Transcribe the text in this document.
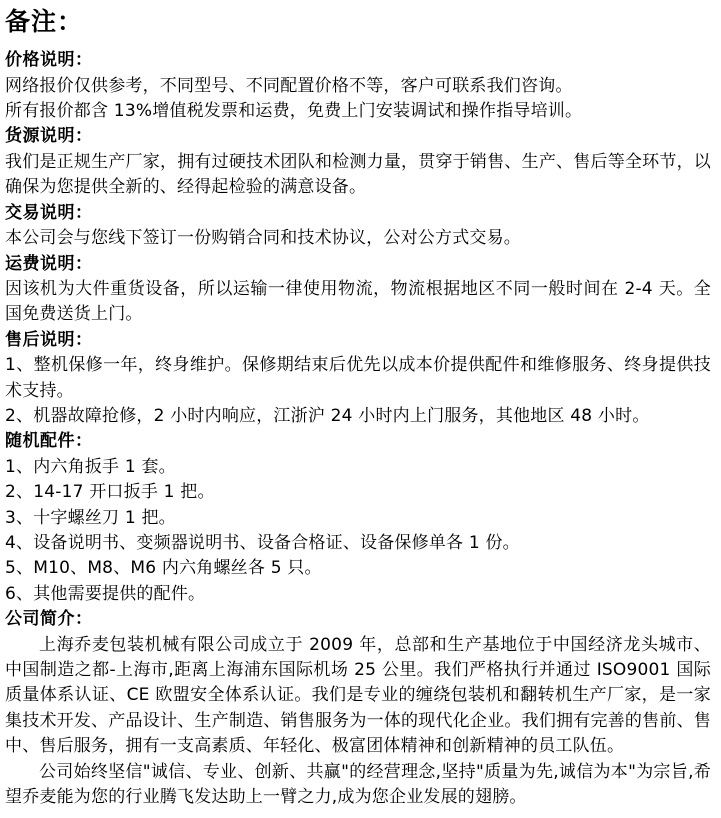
备注：
价格说明：

网络报价仅供参考，不同型号、不同配置价格不等，客户可联系我们咨询。

所有报价都含 13%增值税发票和运费，免费上门安装调试和操作指导培训。

货源说明：

我们是正规生产厂家，拥有过硬技术团队和检测力量，贯穿于销售、生产、售后等全环节，以确保为您提供全新的、经得起检验的满意设备。

交易说明：

本公司会与您线下签订一份购销合同和技术协议，公对公方式交易。

运费说明：

因该机为大件重货设备，所以运输一律使用物流，物流根据地区不同一般时间在 2-4 天。全国免费送货上门。

售后说明：

1、整机保修一年，终身维护。保修期结束后优先以成本价提供配件和维修服务、终身提供技术支持。

2、机器故障抢修，2 小时内响应，江浙沪 24 小时内上门服务，其他地区 48 小时。

随机配件：

1、内六角扳手 1 套。

2、14-17 开口扳手 1 把。

3、十字螺丝刀 1 把。

4、设备说明书、变频器说明书、设备合格证、设备保修单各 1 份。

5、M10、M8、M6 内六角螺丝各 5 只。

6、其他需要提供的配件。

公司简介：

上海乔麦包装机械有限公司成立于 2009 年，总部和生产基地位于中国经济龙头城市、中国制造之都-上海市,距离上海浦东国际机场 25 公里。我们严格执行并通过 ISO9001 国际质量体系认证、CE 欧盟安全体系认证。我们是专业的缠绕包装机和翻转机生产厂家，是一家集技术开发、产品设计、生产制造、销售服务为一体的现代化企业。我们拥有完善的售前、售中、售后服务，拥有一支高素质、年轻化、极富团体精神和创新精神的员工队伍。

公司始终坚信"诚信、专业、创新、共赢"的经营理念,坚持"质量为先,诚信为本"为宗旨,希望乔麦能为您的行业腾飞发达助上一臂之力,成为您企业发展的翅膀。
